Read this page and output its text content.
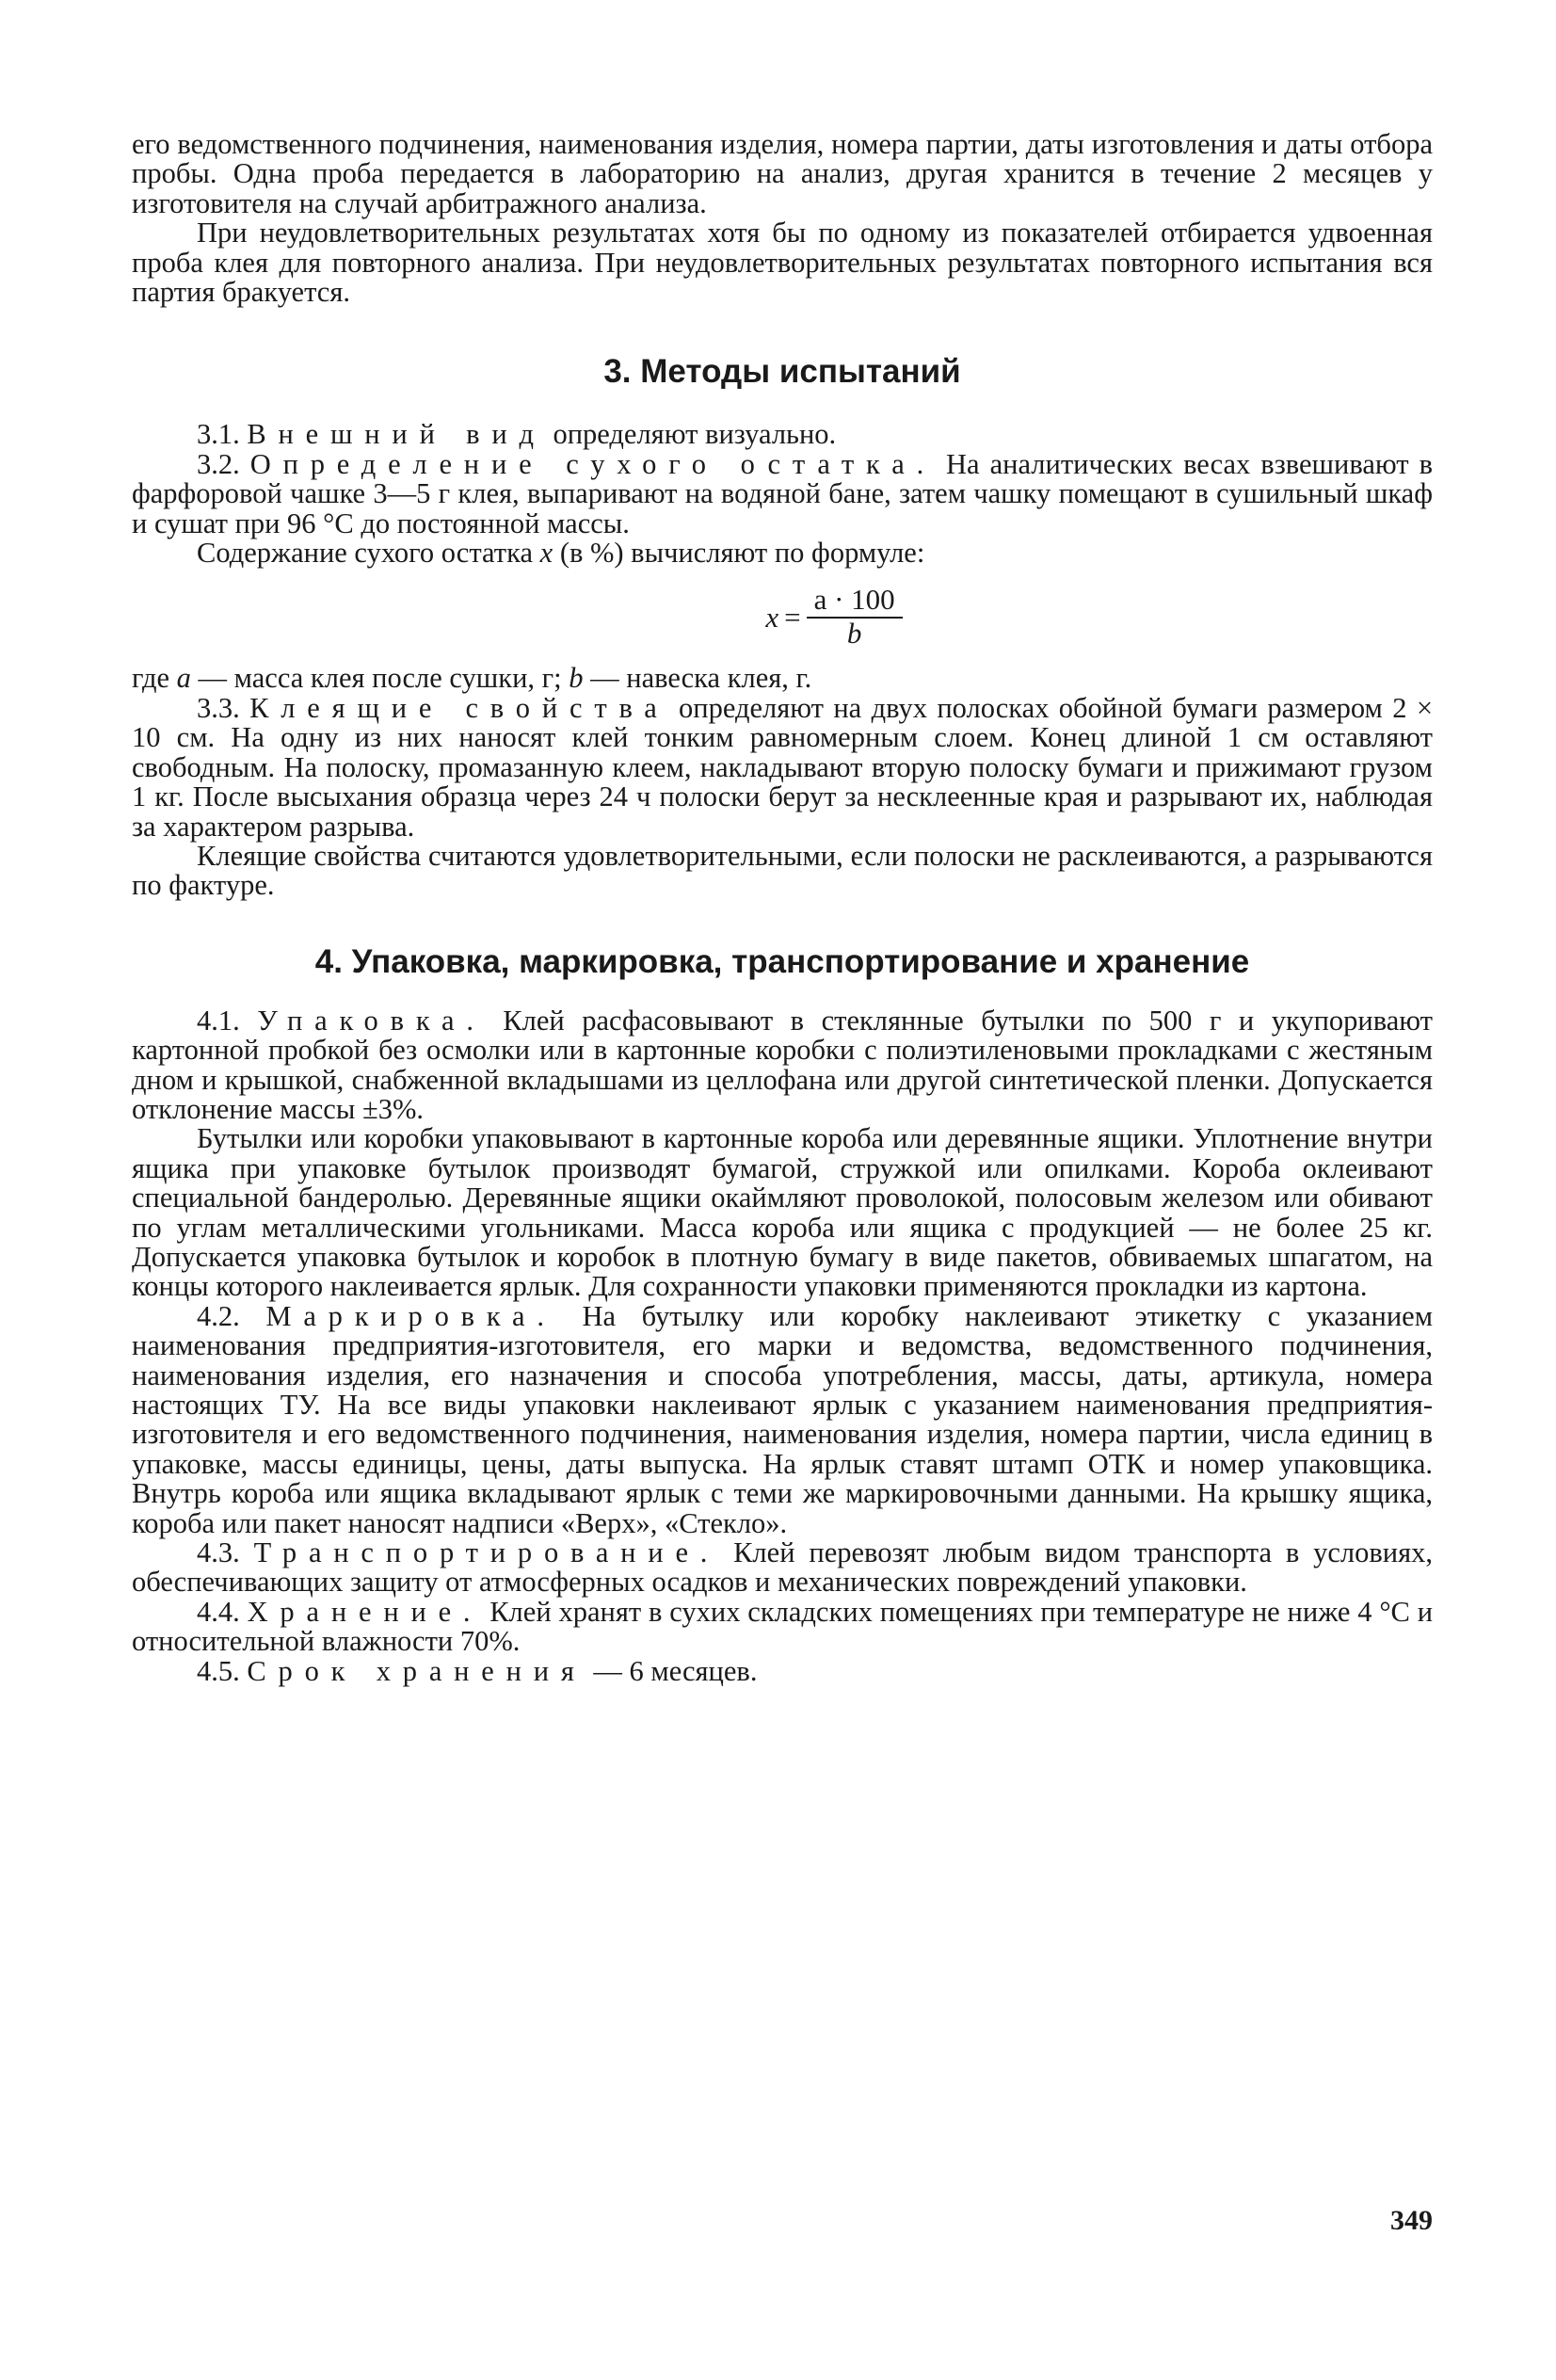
его ведомственного подчинения, наименования изделия, номера партии, даты изготовления и даты отбора пробы. Одна проба передается в лабораторию на анализ, другая хранится в течение 2 месяцев у изготовителя на случай арбитражного анализа.

При неудовлетворительных результатах хотя бы по одному из показателей отбирается удвоенная проба клея для повторного анализа. При неудовлетворительных результатах повторного испытания вся партия бракуется.

3. Методы испытаний

3.1. Внешний вид определяют визуально.

3.2. Определение сухого остатка. На аналитических весах взвешивают в фарфоровой чашке 3—5 г клея, выпаривают на водяной бане, затем чашку помещают в сушильный шкаф и сушат при 96 °С до постоянной массы.

Содержание сухого остатка x (в %) вычисляют по формуле:

$x = \frac{a \cdot 100}{b}$

где a — масса клея после сушки, г; b — навеска клея, г.

3.3. Клеящие свойства определяют на двух полосках обойной бумаги размером 2 × 10 см. На одну из них наносят клей тонким равномерным слоем. Конец длиной 1 см оставляют свободным. На полоску, промазанную клеем, накладывают вторую полоску бумаги и прижимают грузом 1 кг. После высыхания образца через 24 ч полоски берут за несклеенные края и разрывают их, наблюдая за характером разрыва.

Клеящие свойства считаются удовлетворительными, если полоски не расклеиваются, а разрываются по фактуре.

4. Упаковка, маркировка, транспортирование и хранение

4.1. Упаковка. Клей расфасовывают в стеклянные бутылки по 500 г и укупоривают картонной пробкой без осмолки или в картонные коробки с полиэтиленовыми прокладками с жестяным дном и крышкой, снабженной вкладышами из целлофана или другой синтетической пленки. Допускается отклонение массы ±3%.

Бутылки или коробки упаковывают в картонные короба или деревянные ящики. Уплотнение внутри ящика при упаковке бутылок производят бумагой, стружкой или опилками. Короба оклеивают специальной бандеролью. Деревянные ящики окаймляют проволокой, полосовым железом или обивают по углам металлическими угольниками. Масса короба или ящика с продукцией — не более 25 кг. Допускается упаковка бутылок и коробок в плотную бумагу в виде пакетов, обвиваемых шпагатом, на концы которого наклеивается ярлык. Для сохранности упаковки применяются прокладки из картона.

4.2. Маркировка. На бутылку или коробку наклеивают этикетку с указанием наименования предприятия-изготовителя, его марки и ведомства, ведомственного подчинения, наименования изделия, его назначения и способа употребления, массы, даты, артикула, номера настоящих ТУ. На все виды упаковки наклеивают ярлык с указанием наименования предприятия-изготовителя и его ведомственного подчинения, наименования изделия, номера партии, числа единиц в упаковке, массы единицы, цены, даты выпуска. На ярлык ставят штамп ОТК и номер упаковщика. Внутрь короба или ящика вкладывают ярлык с теми же маркировочными данными. На крышку ящика, короба или пакет наносят надписи «Верх», «Стекло».

4.3. Транспортирование. Клей перевозят любым видом транспорта в условиях, обеспечивающих защиту от атмосферных осадков и механических повреждений упаковки.

4.4. Хранение. Клей хранят в сухих складских помещениях при температуре не ниже 4 °С и относительной влажности 70%.

4.5. Срок хранения — 6 месяцев.

349
